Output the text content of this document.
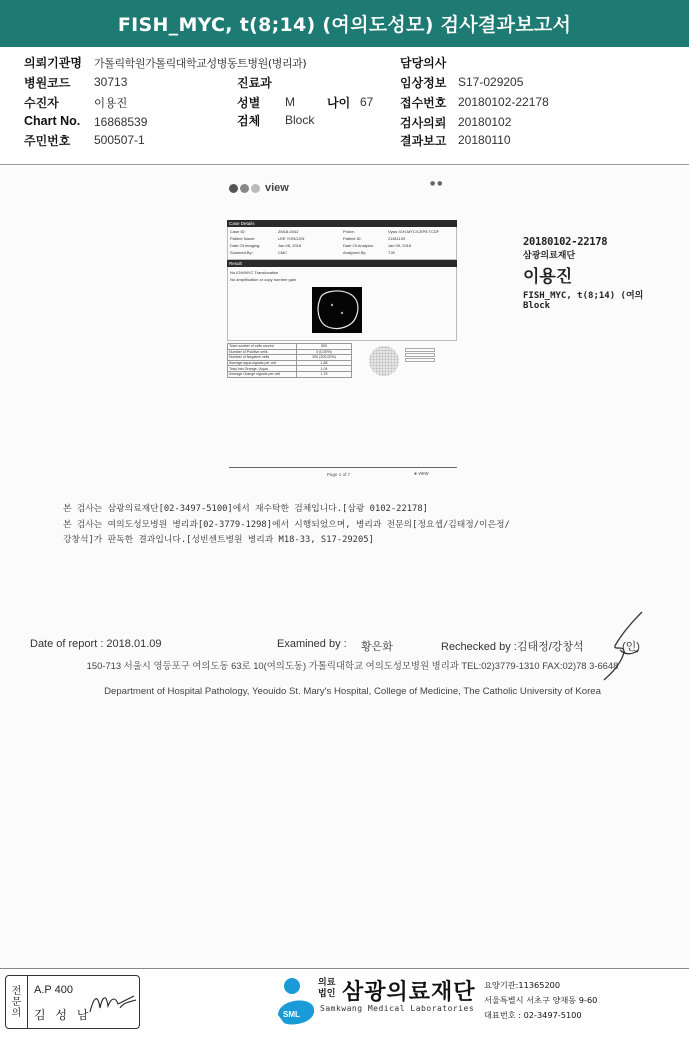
FISH_MYC, t(8;14) (여의도성모) 검사결과보고서
의뢰기관명 가톨릭학원가톨릭대학교성병동트병원(병리과)	담당의사
병원코드 30713	진료과	임상정보 S17-029205
수진자	이용진	성별 M	나이 67 접수번호 20180102-22178
Chart No. 16868539	검체 Block	검사의뢰 20180102
주민번호 500507-1	결과보고 20180110
view	● ●
Case Details
Case ID:	ZM18-0042	Probe:	Vysis IGH-MYC/CEP8 TCDF
Patient Name:	LEE YONGJIN	Patient ID:	21811193
Date Of Imaging:	Jan 08, 2018	Date Of Analysis:	Jan 09, 2018
Scanned By:	CMC	Analyzed By:	TJK
Result
No IGH/MYC Translocation
No amplification or copy number gain
Total number of cells scored	500
Number of Positive cells	0 (0.00%)
Number of Negative cells	200 (100.00%)
Average aqua signals per cell	1.88
Total Intn Orange / Aqua	1.04
Average Orange signals per cell	1.75
Page 1 of 7	● view
20180102-22178
삼광의료재단
이용진
FISH_MYC, t(8;14) (여의
Block
본 검사는 삼광의료재단[02-3497-5100]에서 재수탁한 검체입니다.[삼광 0102-22178]
본 검사는 여의도성모병원 병리과[02-3779-1298]에서 시행되었으며, 병리과 전문의[정요셉/김태정/이은정/
강창석]가 판독한 결과입니다.[성빈센트병원 병리과 M18-33, S17-29205]
Date of report : 2018.01.09	Examined by : 황은화	Rechecked by :김태정/강창석	(인)
150-713 서울시 영등포구 여의도동 63로 10(여의도동) 가톨릭대학교 여의도성모병원 병리과 TEL:02)3779-1310 FAX:02)78 3-6648
Department of Hospital Pathology, Yeouido St. Mary's Hospital, College of Medicine, The Catholic University of Korea
전
문
의
A.P 400
김 성 남	SML
의료
법인 삼광의료재단
Samkwang Medical Laboratories
요양기관:11365200
서울특별시 서초구 양재동 9-60
대표번호 : 02-3497-5100
